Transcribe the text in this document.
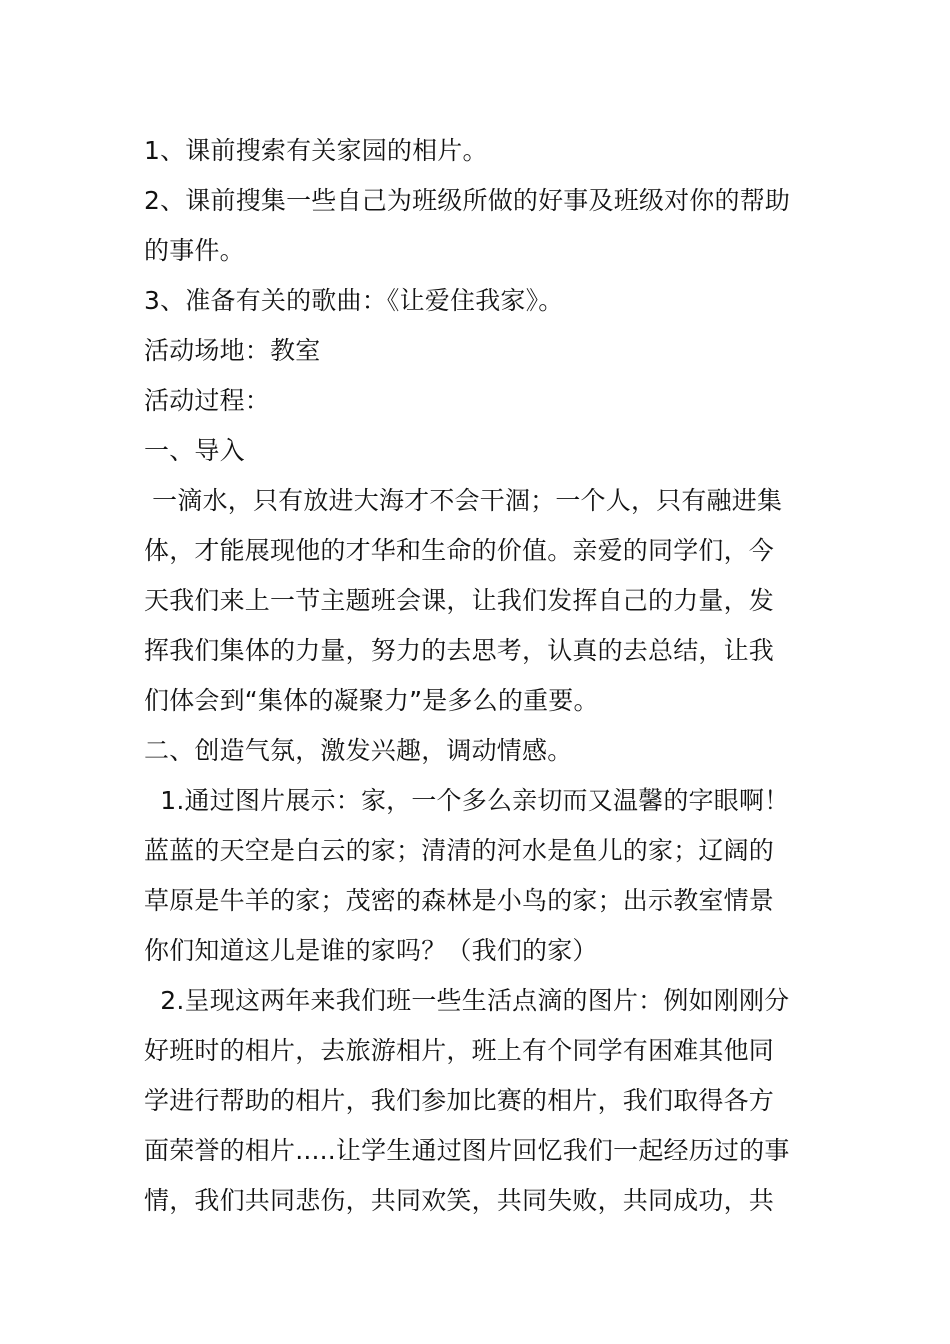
1、课前搜索有关家园的相片。
2、课前搜集一些自己为班级所做的好事及班级对你的帮助
的事件。
3、准备有关的歌曲：《让爱住我家》。
活动场地：教室
活动过程：
一、导入
一滴水，只有放进大海才不会干涸；一个人，只有融进集
体，才能展现他的才华和生命的价值。亲爱的同学们，今
天我们来上一节主题班会课，让我们发挥自己的力量，发
挥我们集体的力量，努力的去思考，认真的去总结，让我
们体会到“集体的凝聚力”是多么的重要。
二、创造气氛，激发兴趣，调动情感。
1.通过图片展示：家，一个多么亲切而又温馨的字眼啊！
蓝蓝的天空是白云的家；清清的河水是鱼儿的家；辽阔的
草原是牛羊的家；茂密的森林是小鸟的家；出示教室情景
你们知道这儿是谁的家吗？（我们的家）
2.呈现这两年来我们班一些生活点滴的图片：例如刚刚分
好班时的相片，去旅游相片，班上有个同学有困难其他同
学进行帮助的相片，我们参加比赛的相片，我们取得各方
面荣誉的相片.....让学生通过图片回忆我们一起经历过的事
情，我们共同悲伤，共同欢笑，共同失败，共同成功，共
